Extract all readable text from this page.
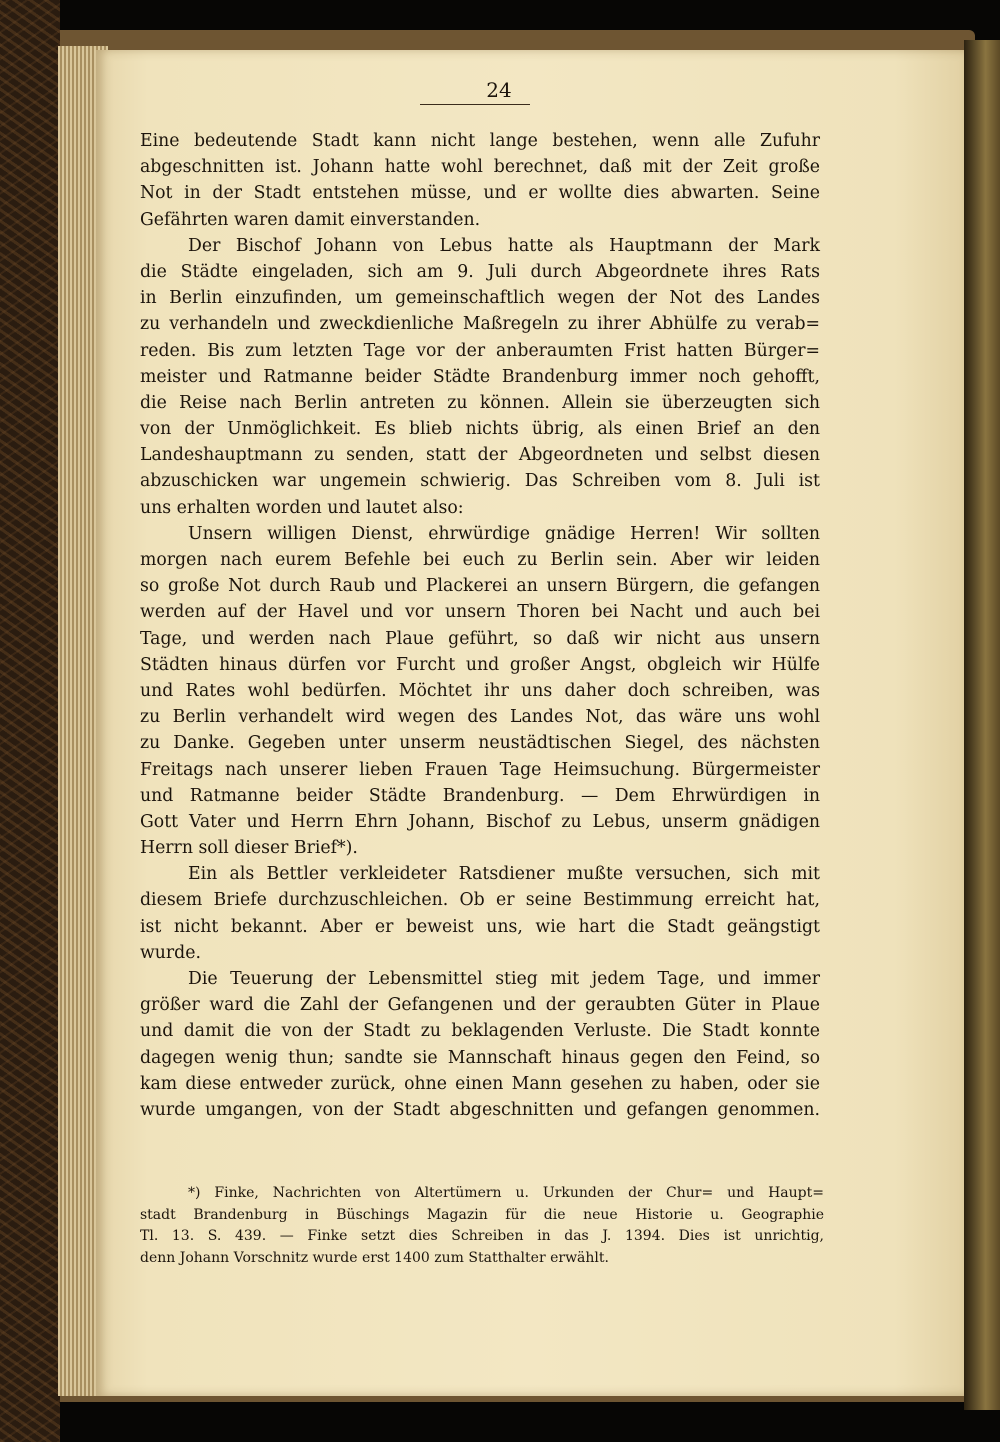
24
Eine bedeutende Stadt kann nicht lange bestehen, wenn alle Zufuhr
abgeschnitten ist. Johann hatte wohl berechnet, daß mit der Zeit große
Not in der Stadt entstehen müsse, und er wollte dies abwarten. Seine
Gefährten waren damit einverstanden.
Der Bischof Johann von Lebus hatte als Hauptmann der Mark
die Städte eingeladen, sich am 9. Juli durch Abgeordnete ihres Rats
in Berlin einzufinden, um gemeinschaftlich wegen der Not des Landes
zu verhandeln und zweckdienliche Maßregeln zu ihrer Abhülfe zu verab=
reden. Bis zum letzten Tage vor der anberaumten Frist hatten Bürger=
meister und Ratmanne beider Städte Brandenburg immer noch gehofft,
die Reise nach Berlin antreten zu können. Allein sie überzeugten sich
von der Unmöglichkeit. Es blieb nichts übrig, als einen Brief an den
Landeshauptmann zu senden, statt der Abgeordneten und selbst diesen
abzuschicken war ungemein schwierig. Das Schreiben vom 8. Juli ist
uns erhalten worden und lautet also:
Unsern willigen Dienst, ehrwürdige gnädige Herren! Wir sollten
morgen nach eurem Befehle bei euch zu Berlin sein. Aber wir leiden
so große Not durch Raub und Plackerei an unsern Bürgern, die gefangen
werden auf der Havel und vor unsern Thoren bei Nacht und auch bei
Tage, und werden nach Plaue geführt, so daß wir nicht aus unsern
Städten hinaus dürfen vor Furcht und großer Angst, obgleich wir Hülfe
und Rates wohl bedürfen. Möchtet ihr uns daher doch schreiben, was
zu Berlin verhandelt wird wegen des Landes Not, das wäre uns wohl
zu Danke. Gegeben unter unserm neustädtischen Siegel, des nächsten
Freitags nach unserer lieben Frauen Tage Heimsuchung. Bürgermeister
und Ratmanne beider Städte Brandenburg. — Dem Ehrwürdigen in
Gott Vater und Herrn Ehrn Johann, Bischof zu Lebus, unserm gnädigen
Herrn soll dieser Brief*).
Ein als Bettler verkleideter Ratsdiener mußte versuchen, sich mit
diesem Briefe durchzuschleichen. Ob er seine Bestimmung erreicht hat,
ist nicht bekannt. Aber er beweist uns, wie hart die Stadt geängstigt
wurde.
Die Teuerung der Lebensmittel stieg mit jedem Tage, und immer
größer ward die Zahl der Gefangenen und der geraubten Güter in Plaue
und damit die von der Stadt zu beklagenden Verluste. Die Stadt konnte
dagegen wenig thun; sandte sie Mannschaft hinaus gegen den Feind, so
kam diese entweder zurück, ohne einen Mann gesehen zu haben, oder sie
wurde umgangen, von der Stadt abgeschnitten und gefangen genommen.
*) Finke, Nachrichten von Altertümern u. Urkunden der Chur= und Haupt=
stadt Brandenburg in Büschings Magazin für die neue Historie u. Geographie
Tl. 13. S. 439. — Finke setzt dies Schreiben in das J. 1394. Dies ist unrichtig,
denn Johann Vorschnitz wurde erst 1400 zum Statthalter erwählt.
